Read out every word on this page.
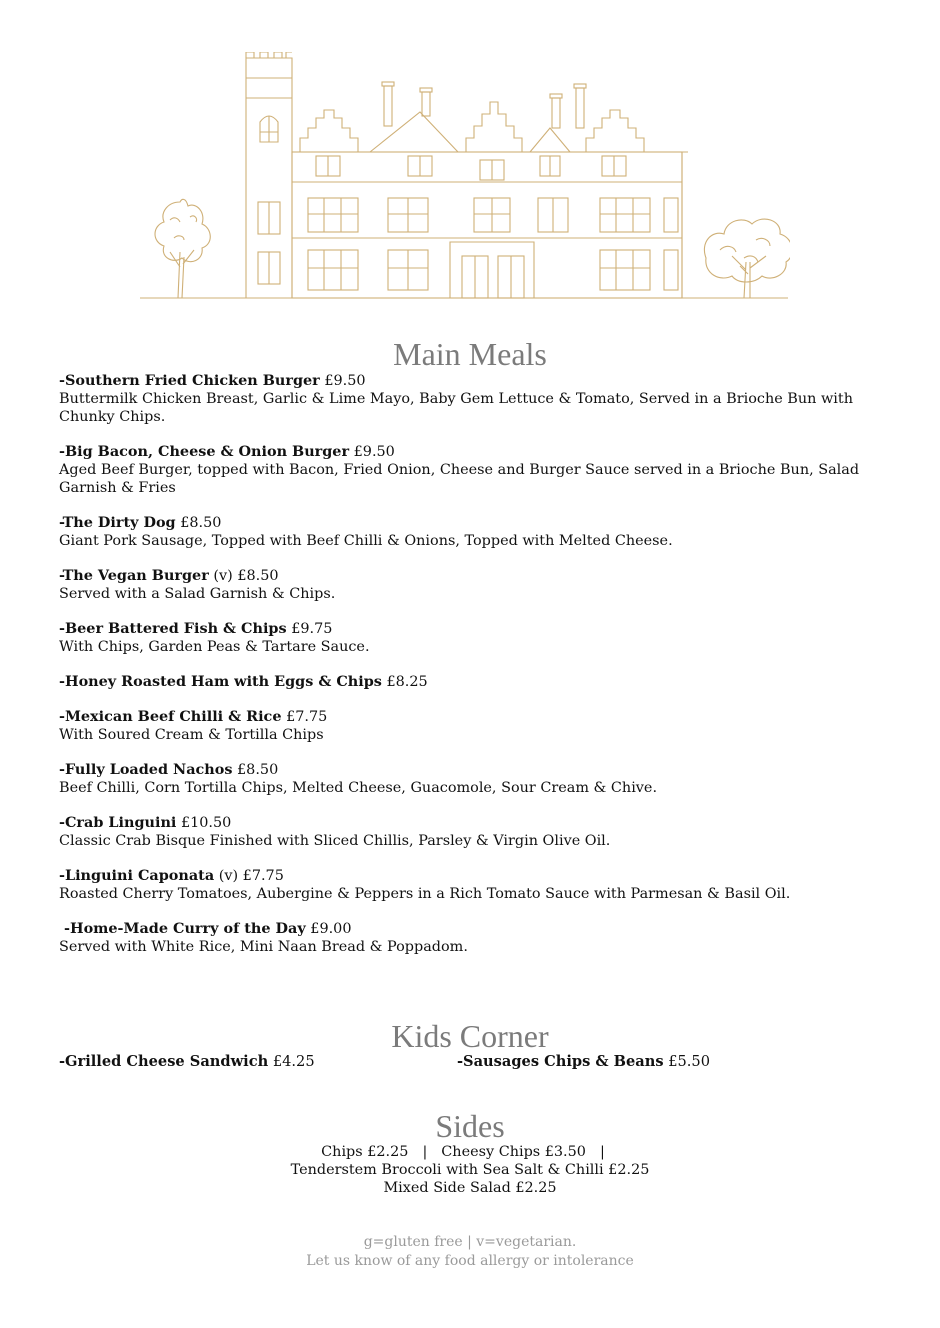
Main Meals
-Southern Fried Chicken Burger £9.50
Buttermilk Chicken Breast, Garlic & Lime Mayo, Baby Gem Lettuce & Tomato, Served in a Brioche Bun with Chunky Chips.
-Big Bacon, Cheese & Onion Burger £9.50
Aged Beef Burger, topped with Bacon, Fried Onion, Cheese and Burger Sauce served in a Brioche Bun, Salad Garnish & Fries
-The Dirty Dog £8.50
Giant Pork Sausage, Topped with Beef Chilli & Onions, Topped with Melted Cheese.
-The Vegan Burger (v) £8.50
Served with a Salad Garnish & Chips.
-Beer Battered Fish & Chips £9.75
With Chips, Garden Peas & Tartare Sauce.
-Honey Roasted Ham with Eggs & Chips £8.25
-Mexican Beef Chilli & Rice £7.75
With Soured Cream & Tortilla Chips
-Fully Loaded Nachos £8.50
Beef Chilli, Corn Tortilla Chips, Melted Cheese, Guacomole, Sour Cream & Chive.
-Crab Linguini £10.50
Classic Crab Bisque Finished with Sliced Chillis, Parsley & Virgin Olive Oil.
-Linguini Caponata (v) £7.75
Roasted Cherry Tomatoes, Aubergine & Peppers in a Rich Tomato Sauce with Parmesan & Basil Oil.
-Home-Made Curry of the Day £9.00
Served with White Rice, Mini Naan Bread & Poppadom.
Kids Corner
-Grilled Cheese Sandwich £4.25	-Sausages Chips & Beans £5.50
Sides
Chips £2.25 | Cheesy Chips £3.50 |
Tenderstem Broccoli with Sea Salt & Chilli £2.25
Mixed Side Salad £2.25
g=gluten free | v=vegetarian.
Let us know of any food allergy or intolerance
